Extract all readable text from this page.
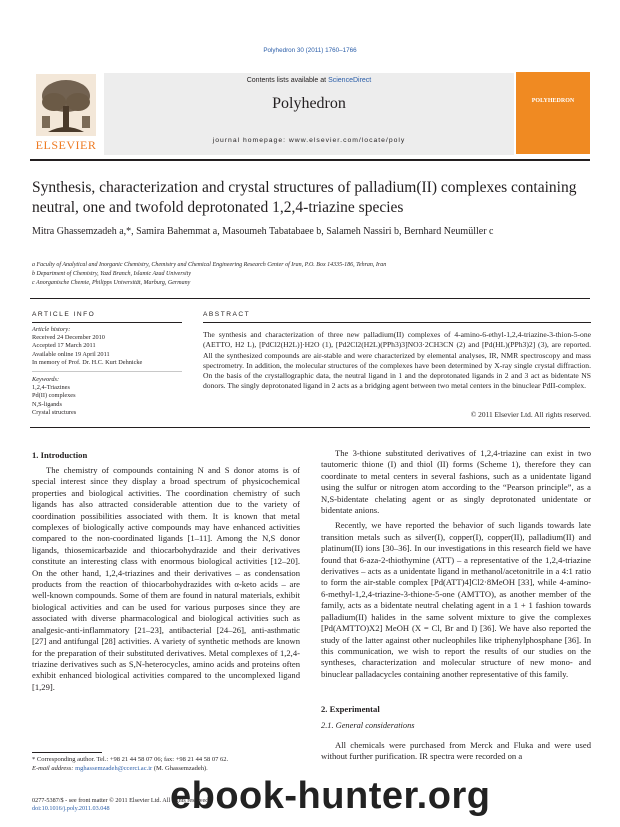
Polyhedron 30 (2011) 1760–1766
ELSEVIER
Contents lists available at ScienceDirect
Polyhedron
journal homepage: www.elsevier.com/locate/poly
POLYHEDRON
Synthesis, characterization and crystal structures of palladium(II) complexes containing neutral, one and twofold deprotonated 1,2,4-triazine species
Mitra Ghassemzadeh a,*, Samira Bahemmat a, Masoumeh Tabatabaee b, Salameh Nassiri b, Bernhard Neumüller c
a Faculty of Analytical and Inorganic Chemistry, Chemistry and Chemical Engineering Research Center of Iran, P.O. Box 14335-186, Tehran, Iran
b Department of Chemistry, Yazd Branch, Islamic Azad University
c Anorganische Chemie, Philipps Universität, Marburg, Germany
ARTICLE INFO
Article history:
Received 24 December 2010
Accepted 17 March 2011
Available online 19 April 2011
In memory of Prof. Dr. H.C. Kurt Dehnicke
Keywords:
1,2,4-Triazines
Pd(II) complexes
N,S-ligands
Crystal structures
ABSTRACT
The synthesis and characterization of three new palladium(II) complexes of 4-amino-6-ethyl-1,2,4-triazine-3-thion-5-one (AETTO, H2 L), [PdCl2(H2L)]·H2O (1), [Pd2Cl2(H2L)(PPh3)3]NO3·2CH3CN (2) and [Pd(HL)(PPh3)2] (3), are reported. All the synthesized compounds are air-stable and were characterized by elemental analyses, IR, NMR spectroscopy and mass spectrometry. In addition, the molecular structures of the complexes have been determined by X-ray single crystal diffraction. On the basis of the crystallographic data, the neutral ligand in 1 and the deprotonated ligands in 2 and 3 act as bidentate NS donors. The singly deprotonated ligand in 2 acts as a bridging agent between two metal centers in the binuclear PdII-complex.
© 2011 Elsevier Ltd. All rights reserved.
1. Introduction
The chemistry of compounds containing N and S donor atoms is of special interest since they display a broad spectrum of physicochemical properties and biological activities. The coordination chemistry of such ligands has also attracted considerable attention due to the variety of coordination possibilities associated with them. It is known that metal complexes of biologically active compounds may have enhanced activities compared to the non-coordinated ligands [1–11]. Among the N,S donor ligands, thiosemicarbazide and thiocarbohydrazide and their derivatives constitute an interesting class with enormous biological activities [12–20]. On the other hand, 1,2,4-triazines and their derivatives – as condensation products from the reaction of thiocarbohydrazides with α-keto acids – are well-known compounds. Some of them are found in natural materials, exhibit biological activities and can be used for various purposes since they are associated with diverse pharmacological and biological activities such as analgesic-anti-inflammatory [21–23], antibacterial [24–26], anti-asthmatic [27] and antifungal [28] activities. A variety of synthetic methods are known for the preparation of their substituted derivatives. Metal complexes of 1,2,4-triazine derivatives such as S,N-heterocycles, amino acids and proteins often exhibit enhanced biological activities compared to the uncomplexed ligand [1,29].

The 3-thione substituted derivatives of 1,2,4-triazine can exist in two tautomeric thione (I) and thiol (II) forms (Scheme 1), therefore they can coordinate to metal centers in several fashions, such as a unidentate ligand using the sulfur or nitrogen atom according to the “Pearson principle”, as a N,S-bidentate chelating agent or as singly deprotonated unidentate or bidentate anions.

Recently, we have reported the behavior of such ligands towards late transition metals such as silver(I), copper(I), copper(II), palladium(II) and platinum(II) ions [30–36]. In our investigations in this research field we have found that 6-aza-2-thiothymine (ATT) – a representative of the 1,2,4-triazine derivatives – acts as a unidentate ligand in methanol/acetonitrile in a 4:1 ratio to form the air-stable complex [Pd(ATT)4]Cl2·8MeOH [33], while 4-amino-6-methyl-1,2,4-triazine-3-thione-5-one (AMTTO), as another member of the family, acts as a bidentate neutral chelating agent in a 1 + 1 fashion towards palladium(II) halides in the same solvent mixture to give the complexes [Pd(AMTTO)X2] MeOH (X = Cl, Br and I) [36]. We have also reported the study of the latter against other nucleophiles like triphenylphosphane [36]. In this communication, we wish to report the results of our studies on the syntheses, characterization and molecular structure of new mono- and binuclear palladacycles containing another representative of this family.

2. Experimental
2.1. General considerations
All chemicals were purchased from Merck and Fluka and were used without further purification. IR spectra were recorded on a
* Corresponding author. Tel.: +98 21 44 58 07 06; fax: +98 21 44 58 07 62.
E-mail address: mghassemzadeh@ccerci.ac.ir (M. Ghassemzadeh).
0277-5387/$ - see front matter © 2011 Elsevier Ltd. All rights reserved.
doi:10.1016/j.poly.2011.03.048	ebook-hunter.org
